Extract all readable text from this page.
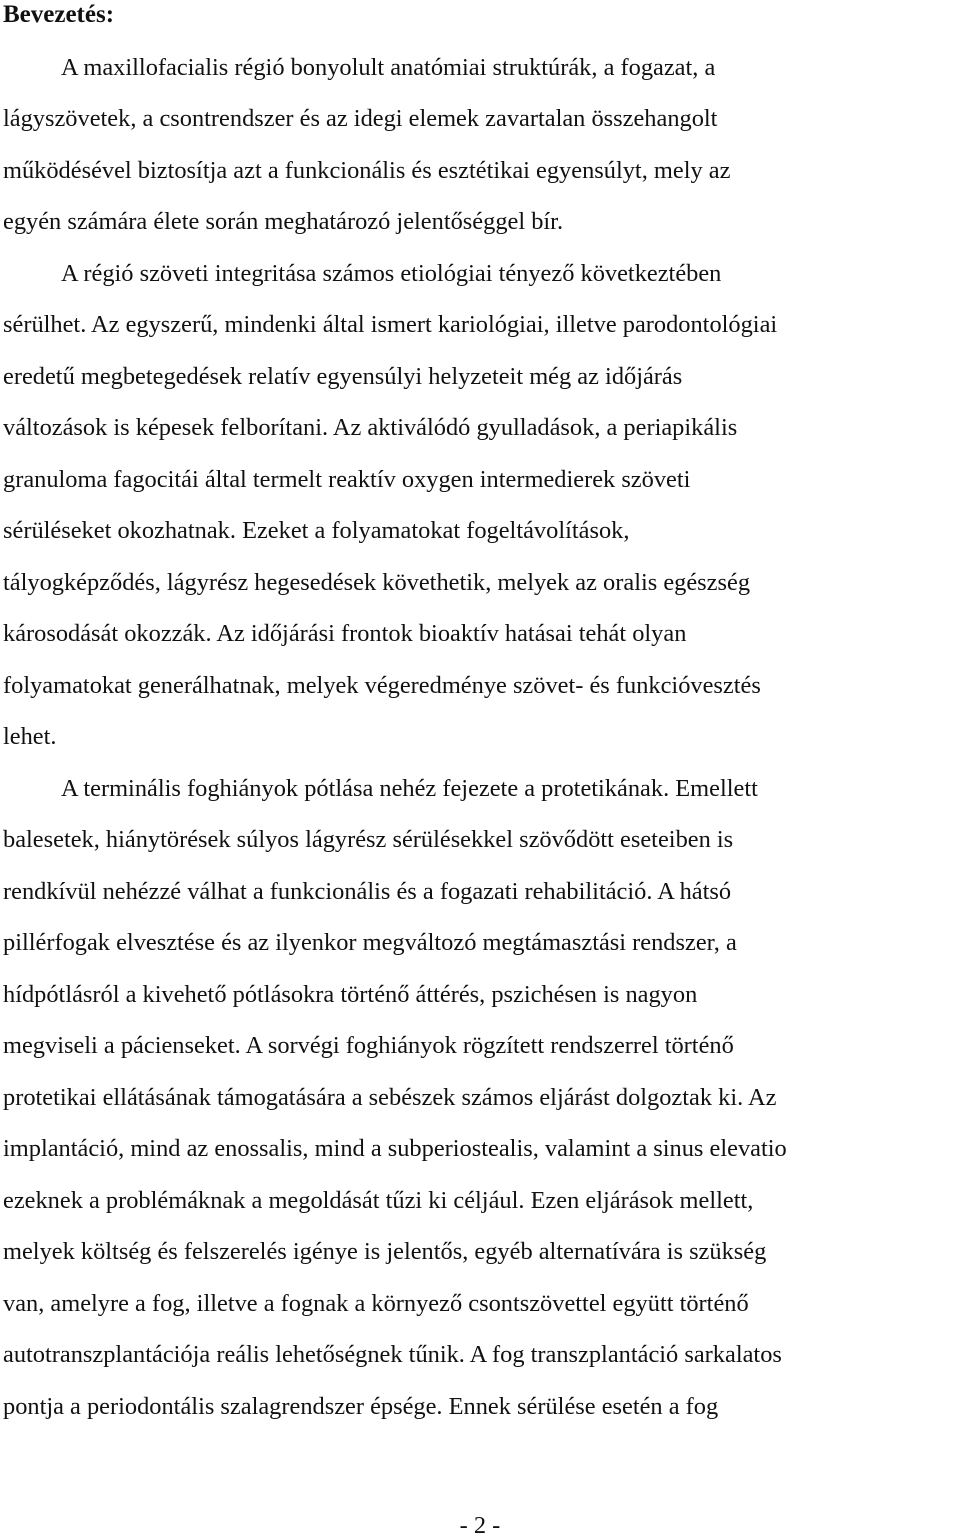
Bevezetés:

A maxillofacialis régió bonyolult anatómiai struktúrák, a fogazat, a

lágyszövetek, a csontrendszer és az idegi elemek zavartalan összehangolt

működésével biztosítja azt a funkcionális és esztétikai egyensúlyt, mely az

egyén számára élete során meghatározó jelentőséggel bír.

A régió szöveti integritása számos etiológiai tényező következtében

sérülhet. Az egyszerű, mindenki által ismert kariológiai, illetve parodontológiai

eredetű megbetegedések relatív egyensúlyi helyzeteit még az időjárás

változások is képesek felborítani. Az aktiválódó gyulladások, a periapikális

granuloma fagocitái által termelt reaktív oxygen intermedierek szöveti

sérüléseket okozhatnak. Ezeket a folyamatokat fogeltávolítások,

tályogképződés, lágyrész hegesedések követhetik, melyek az oralis egészség

károsodását okozzák. Az időjárási frontok bioaktív hatásai tehát olyan

folyamatokat generálhatnak, melyek végeredménye szövet- és funkcióvesztés

lehet.

A terminális foghiányok pótlása nehéz fejezete a protetikának. Emellett

balesetek, hiánytörések súlyos lágyrész sérülésekkel szövődött eseteiben is

rendkívül nehézzé válhat a funkcionális és a fogazati rehabilitáció. A hátsó

pillérfogak elvesztése és az ilyenkor megváltozó megtámasztási rendszer, a

hídpótlásról a kivehető pótlásokra történő áttérés, pszichésen is nagyon

megviseli a pácienseket. A sorvégi foghiányok rögzített rendszerrel történő

protetikai ellátásának támogatására a sebészek számos eljárást dolgoztak ki. Az

implantáció, mind az enossalis, mind a subperiostealis, valamint a sinus elevatio

ezeknek a problémáknak a megoldását tűzi ki céljául. Ezen eljárások mellett,

melyek költség és felszerelés igénye is jelentős, egyéb alternatívára is szükség

van, amelyre a fog, illetve a fognak a környező csontszövettel együtt történő

autotranszplantációja reális lehetőségnek tűnik. A fog transzplantáció sarkalatos

pontja a periodontális szalagrendszer épsége. Ennek sérülése esetén a fog

- 2 -
